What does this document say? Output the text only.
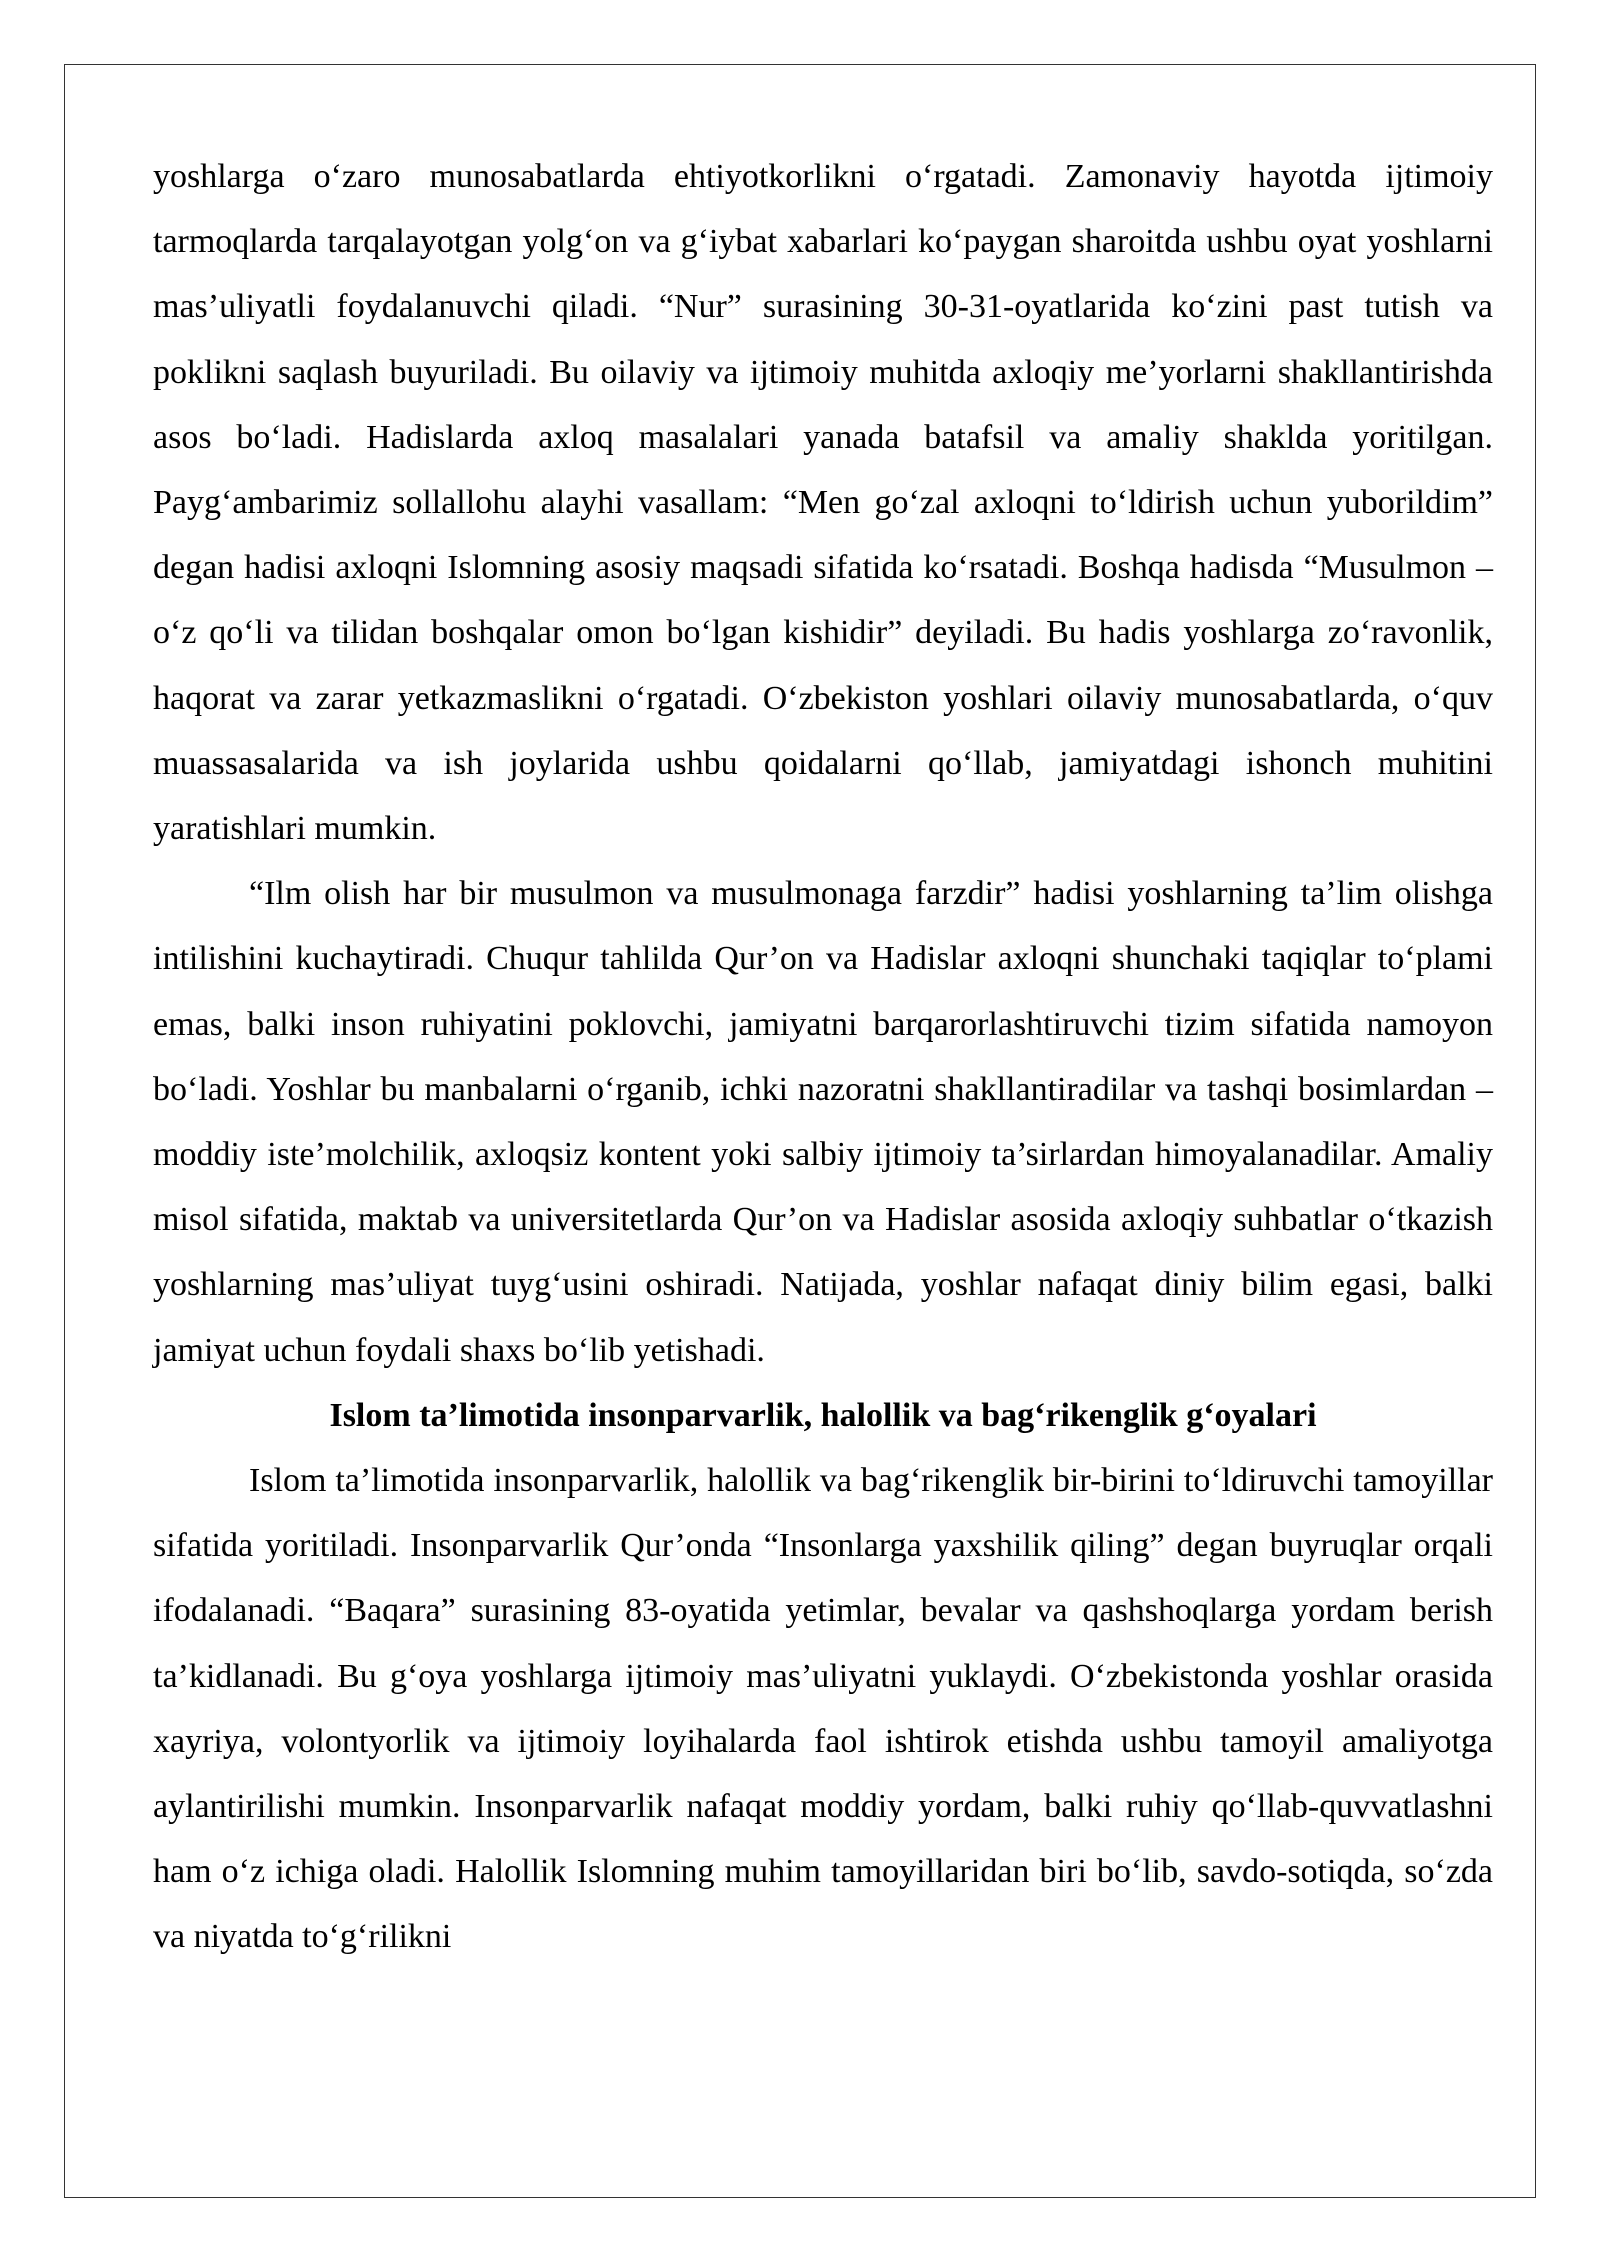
yoshlarga o‘zaro munosabatlarda ehtiyotkorlikni o‘rgatadi. Zamonaviy hayotda ijtimoiy tarmoqlarda tarqalayotgan yolg‘on va g‘iybat xabarlari ko‘paygan sharoitda ushbu oyat yoshlarni mas’uliyatli foydalanuvchi qiladi. “Nur” surasining 30-31-oyatlarida ko‘zini past tutish va poklikni saqlash buyuriladi. Bu oilaviy va ijtimoiy muhitda axloqiy me’yorlarni shakllantirishda asos bo‘ladi. Hadislarda axloq masalalari yanada batafsil va amaliy shaklda yoritilgan. Payg‘ambarimiz sollallohu alayhi vasallam: “Men go‘zal axloqni to‘ldirish uchun yuborildim” degan hadisi axloqni Islomning asosiy maqsadi sifatida ko‘rsatadi. Boshqa hadisda “Musulmon – o‘z qo‘li va tilidan boshqalar omon bo‘lgan kishidir” deyiladi. Bu hadis yoshlarga zo‘ravonlik, haqorat va zarar yetkazmaslikni o‘rgatadi. O‘zbekiston yoshlari oilaviy munosabatlarda, o‘quv muassasalarida va ish joylarida ushbu qoidalarni qo‘llab, jamiyatdagi ishonch muhitini yaratishlari mumkin.

“Ilm olish har bir musulmon va musulmonaga farzdir” hadisi yoshlarning ta’lim olishga intilishini kuchaytiradi. Chuqur tahlilda Qur’on va Hadislar axloqni shunchaki taqiqlar to‘plami emas, balki inson ruhiyatini poklovchi, jamiyatni barqarorlashtiruvchi tizim sifatida namoyon bo‘ladi. Yoshlar bu manbalarni o‘rganib, ichki nazoratni shakllantiradilar va tashqi bosimlardan – moddiy iste’molchilik, axloqsiz kontent yoki salbiy ijtimoiy ta’sirlardan himoyalanadilar. Amaliy misol sifatida, maktab va universitetlarda Qur’on va Hadislar asosida axloqiy suhbatlar o‘tkazish yoshlarning mas’uliyat tuyg‘usini oshiradi. Natijada, yoshlar nafaqat diniy bilim egasi, balki jamiyat uchun foydali shaxs bo‘lib yetishadi.

Islom ta’limotida insonparvarlik, halollik va bag‘rikenglik g‘oyalari

Islom ta’limotida insonparvarlik, halollik va bag‘rikenglik bir-birini to‘ldiruvchi tamoyillar sifatida yoritiladi. Insonparvarlik Qur’onda “Insonlarga yaxshilik qiling” degan buyruqlar orqali ifodalanadi. “Baqara” surasining 83-oyatida yetimlar, bevalar va qashshoqlarga yordam berish ta’kidlanadi. Bu g‘oya yoshlarga ijtimoiy mas’uliyatni yuklaydi. O‘zbekistonda yoshlar orasida xayriya, volontyorlik va ijtimoiy loyihalarda faol ishtirok etishda ushbu tamoyil amaliyotga aylantirilishi mumkin. Insonparvarlik nafaqat moddiy yordam, balki ruhiy qo‘llab-quvvatlashni ham o‘z ichiga oladi. Halollik Islomning muhim tamoyillaridan biri bo‘lib, savdo-sotiqda, so‘zda va niyatda to‘g‘rilikni
